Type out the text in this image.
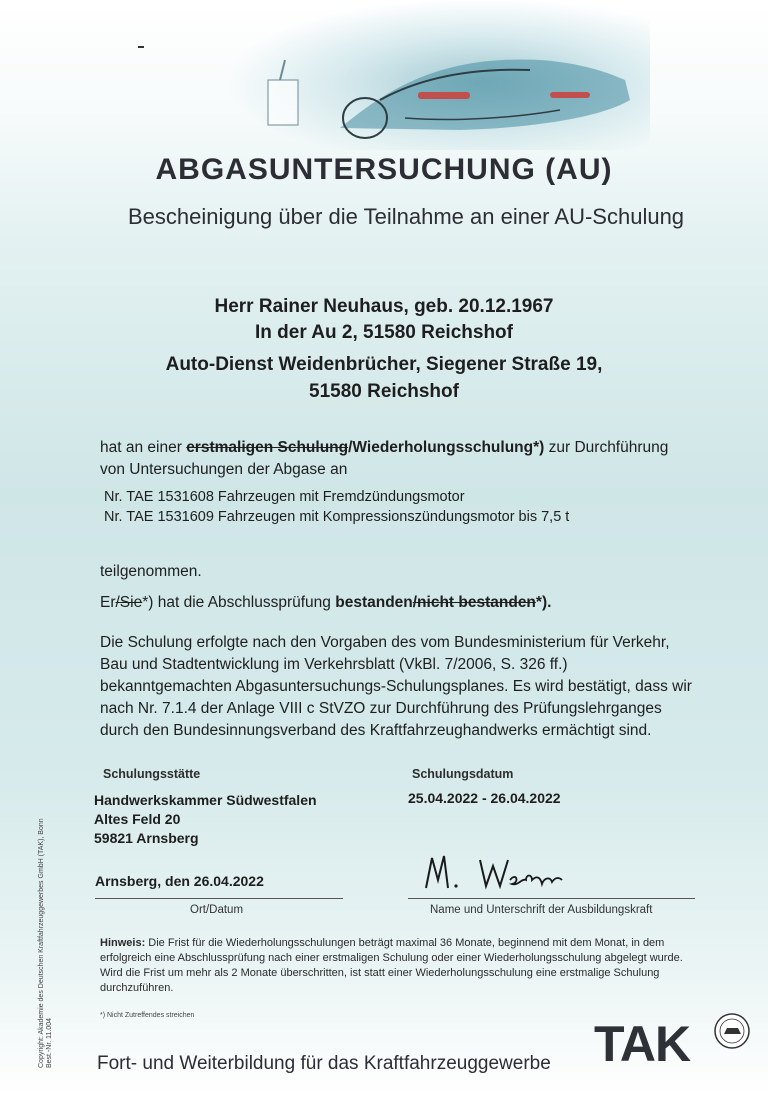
ABGASUNTERSUCHUNG (AU)
Bescheinigung über die Teilnahme an einer AU-Schulung
Herr Rainer Neuhaus, geb. 20.12.1967
In der Au 2, 51580 Reichshof
Auto-Dienst Weidenbrücher, Siegener Straße 19,
51580 Reichshof
hat an einer erstmaligen Schulung/Wiederholungsschulung*) zur Durchführung
von Untersuchungen der Abgase an
Nr. TAE 1531608 Fahrzeugen mit Fremdzündungsmotor
Nr. TAE 1531609 Fahrzeugen mit Kompressionszündungsmotor bis 7,5 t
teilgenommen.
Er/Sie*) hat die Abschlussprüfung bestanden/nicht bestanden*).
Die Schulung erfolgte nach den Vorgaben des vom Bundesministerium für Verkehr, Bau und Stadtentwicklung im Verkehrsblatt (VkBl. 7/2006, S. 326 ff.) bekanntgemachten Abgasuntersuchungs-Schulungsplanes. Es wird bestätigt, dass wir nach Nr. 7.1.4 der Anlage VIII c StVZO zur Durchführung des Prüfungslehrganges durch den Bundesinnungsverband des Kraftfahrzeughandwerks ermächtigt sind.
Schulungsstätte
Handwerkskammer Südwestfalen
Altes Feld 20
59821 Arnsberg
Schulungsdatum
25.04.2022 - 26.04.2022
Arnsberg, den 26.04.2022
Ort/Datum	Name und Unterschrift der Ausbildungskraft
Hinweis: Die Frist für die Wiederholungsschulungen beträgt maximal 36 Monate, beginnend mit dem Monat, in dem erfolgreich eine Abschlussprüfung nach einer erstmaligen Schulung oder einer Wiederholungsschulung abgelegt wurde. Wird die Frist um mehr als 2 Monate überschritten, ist statt einer Wiederholungsschulung eine erstmalige Schulung durchzuführen.
*) Nicht Zutreffendes streichen
Fort- und Weiterbildung für das Kraftfahrzeuggewerbe TAK
Copyright: Akademie des Deutschen Kraftfahrzeuggewerbes GmbH (TAK), Bonn Best.-Nr. 11.004
